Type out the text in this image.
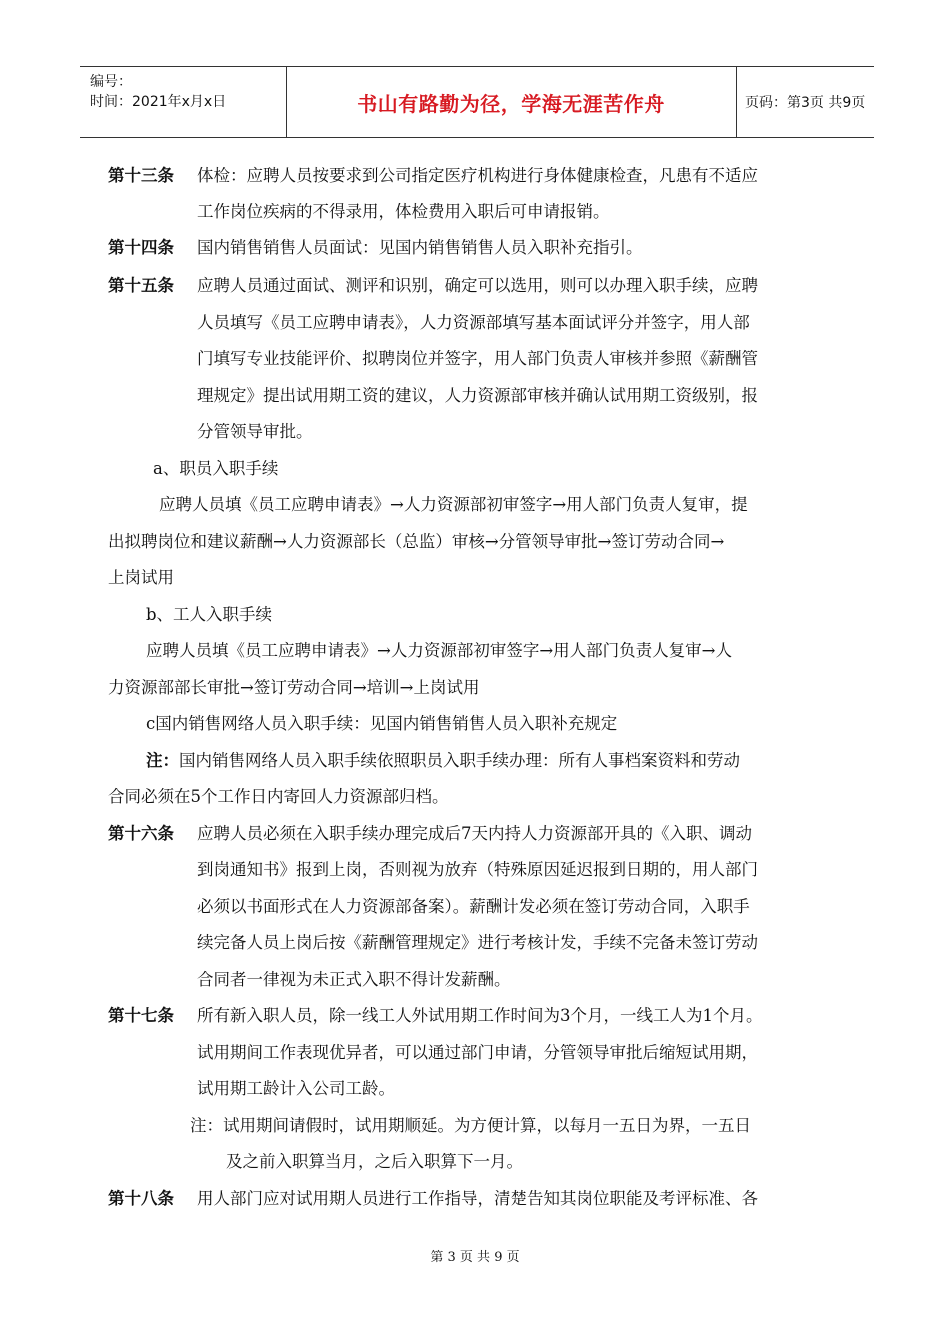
编号：
时间：2021年x月x日	书山有路勤为径，学海无涯苦作舟	页码：第3页 共9页
第十三条 体检：应聘人员按要求到公司指定医疗机构进行身体健康检查，凡患有不适应
工作岗位疾病的不得录用，体检费用入职后可申请报销。
第十四条 国内销售销售人员面试：见国内销售销售人员入职补充指引。
第十五条 应聘人员通过面试、测评和识别，确定可以选用，则可以办理入职手续，应聘
人员填写《员工应聘申请表》，人力资源部填写基本面试评分并签字，用人部
门填写专业技能评价、拟聘岗位并签字，用人部门负责人审核并参照《薪酬管
理规定》提出试用期工资的建议，人力资源部审核并确认试用期工资级别，报
分管领导审批。
a、职员入职手续
应聘人员填《员工应聘申请表》→人力资源部初审签字→用人部门负责人复审，提
出拟聘岗位和建议薪酬→人力资源部长（总监）审核→分管领导审批→签订劳动合同→
上岗试用
b、工人入职手续
应聘人员填《员工应聘申请表》→人力资源部初审签字→用人部门负责人复审→人
力资源部部长审批→签订劳动合同→培训→上岗试用
c国内销售网络人员入职手续：见国内销售销售人员入职补充规定
注：国内销售网络人员入职手续依照职员入职手续办理：所有人事档案资料和劳动
合同必须在5个工作日内寄回人力资源部归档。
第十六条 应聘人员必须在入职手续办理完成后7天内持人力资源部开具的《入职、调动
到岗通知书》报到上岗，否则视为放弃（特殊原因延迟报到日期的，用人部门
必须以书面形式在人力资源部备案）。薪酬计发必须在签订劳动合同，入职手
续完备人员上岗后按《薪酬管理规定》进行考核计发，手续不完备未签订劳动
合同者一律视为未正式入职不得计发薪酬。
第十七条 所有新入职人员，除一线工人外试用期工作时间为3个月，一线工人为1个月。
试用期间工作表现优异者，可以通过部门申请，分管领导审批后缩短试用期，
试用期工龄计入公司工龄。
注：试用期间请假时，试用期顺延。为方便计算，以每月一五日为界，一五日
及之前入职算当月，之后入职算下一月。
第十八条 用人部门应对试用期人员进行工作指导，清楚告知其岗位职能及考评标准、各
第 3 页 共 9 页
